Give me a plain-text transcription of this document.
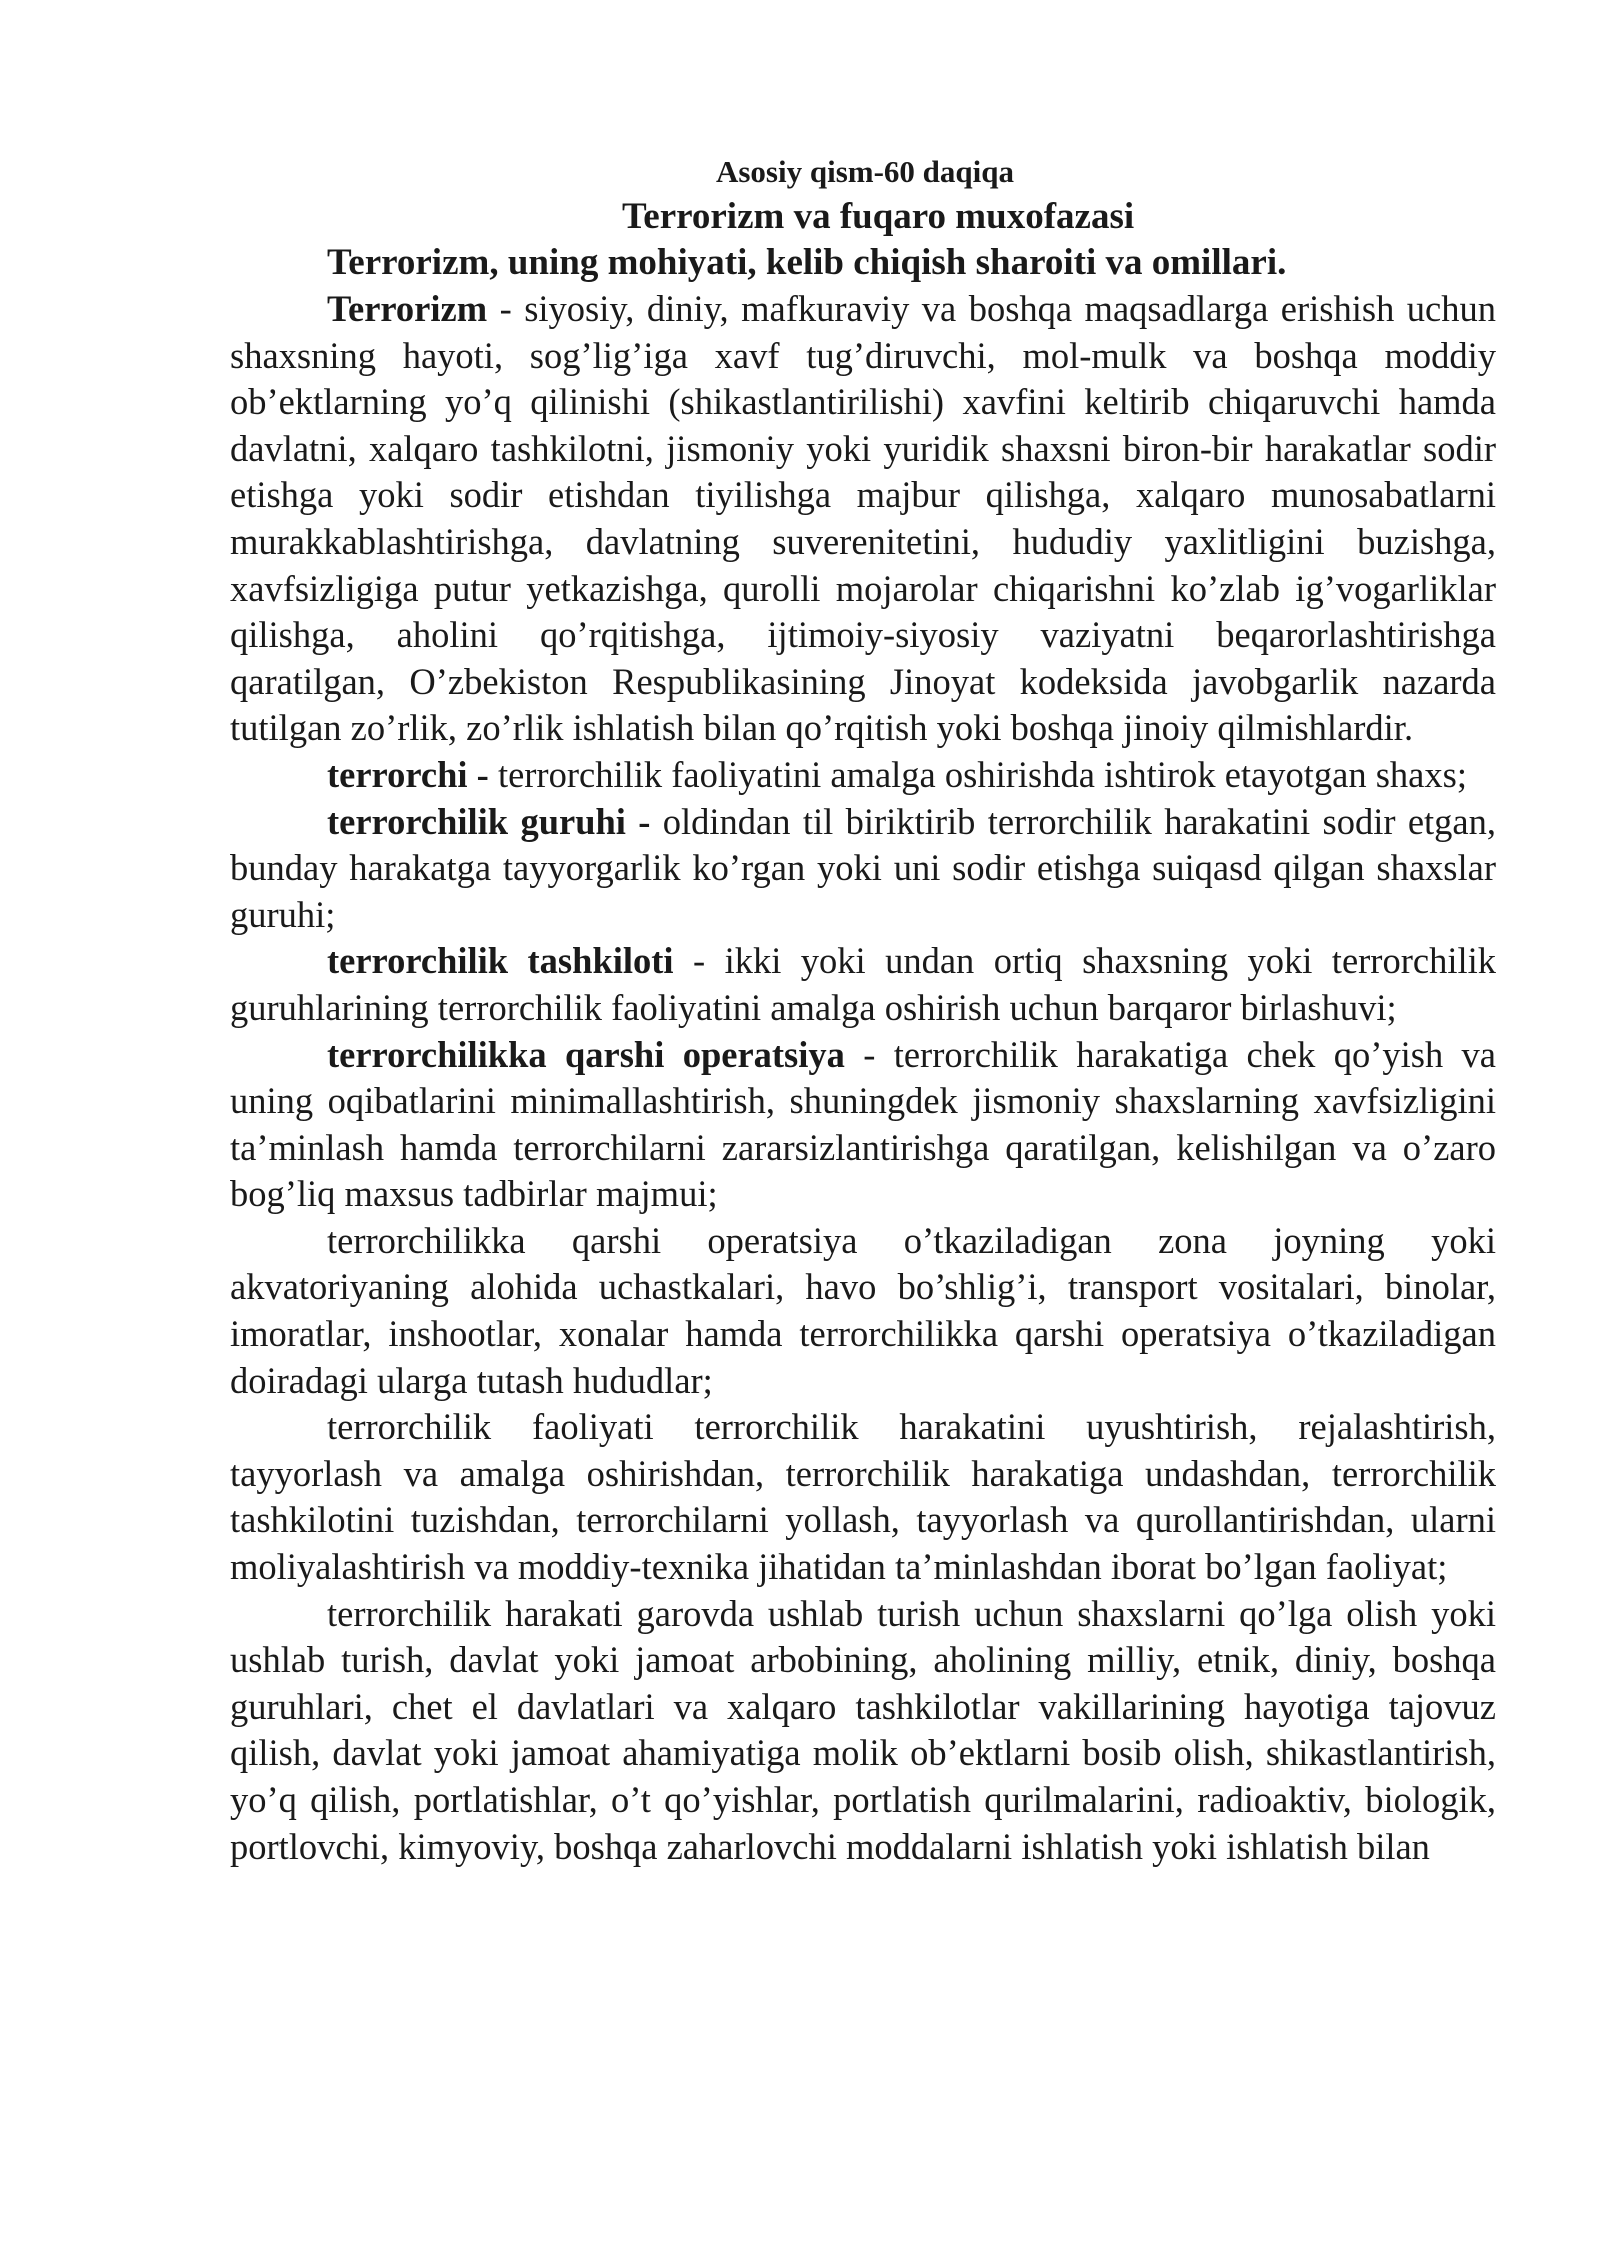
Asosiy qism-60 daqiqa

Terrorizm va fuqaro muxofazasi

Terrorizm, uning mohiyati, kelib chiqish sharoiti va omillari.

Terrorizm - siyosiy, diniy, mafkuraviy va boshqa maqsadlarga erishish uchun shaxsning hayoti, sog’lig’iga xavf tug’diruvchi, mol-mulk va boshqa moddiy ob’ektlarning yo’q qilinishi (shikastlantirilishi) xavfini keltirib chiqaruvchi hamda davlatni, xalqaro tashkilotni, jismoniy yoki yuridik shaxsni biron-bir harakatlar sodir etishga yoki sodir etishdan tiyilishga majbur qilishga, xalqaro munosabatlarni murakkablashtirishga, davlatning suverenitetini, hududiy yaxlitligini buzishga, xavfsizligiga putur yetkazishga, qurolli mojarolar chiqarishni ko’zlab ig’vogarliklar qilishga, aholini qo’rqitishga, ijtimoiy-siyosiy vaziyatni beqarorlashtirishga qaratilgan, O’zbekiston Respublikasining Jinoyat kodeksida javobgarlik nazarda tutilgan zo’rlik, zo’rlik ishlatish bilan qo’rqitish yoki boshqa jinoiy qilmishlardir.

terrorchi - terrorchilik faoliyatini amalga oshirishda ishtirok etayotgan shaxs;

terrorchilik guruhi - oldindan til biriktirib terrorchilik harakatini sodir etgan, bunday harakatga tayyorgarlik ko’rgan yoki uni sodir etishga suiqasd qilgan shaxslar guruhi;

terrorchilik tashkiloti - ikki yoki undan ortiq shaxsning yoki terrorchilik guruhlarining terrorchilik faoliyatini amalga oshirish uchun barqaror birlashuvi;

terrorchilikka qarshi operatsiya - terrorchilik harakatiga chek qo’yish va uning oqibatlarini minimallashtirish, shuningdek jismoniy shaxslarning xavfsizligini ta’minlash hamda terrorchilarni zararsizlantirishga qaratilgan, kelishilgan va o’zaro bog’liq maxsus tadbirlar majmui;

terrorchilikka qarshi operatsiya o’tkaziladigan zona joyning yoki akvatoriyaning alohida uchastkalari, havo bo’shlig’i, transport vositalari, binolar, imoratlar, inshootlar, xonalar hamda terrorchilikka qarshi operatsiya o’tkaziladigan doiradagi ularga tutash hududlar;

terrorchilik faoliyati terrorchilik harakatini uyushtirish, rejalashtirish, tayyorlash va amalga oshirishdan, terrorchilik harakatiga undashdan, terrorchilik tashkilotini tuzishdan, terrorchilarni yollash, tayyorlash va qurollantirishdan, ularni moliyalashtirish va moddiy-texnika jihatidan ta’minlashdan iborat bo’lgan faoliyat;

terrorchilik harakati garovda ushlab turish uchun shaxslarni qo’lga olish yoki ushlab turish, davlat yoki jamoat arbobining, aholining milliy, etnik, diniy, boshqa guruhlari, chet el davlatlari va xalqaro tashkilotlar vakillarining hayotiga tajovuz qilish, davlat yoki jamoat ahamiyatiga molik ob’ektlarni bosib olish, shikastlantirish, yo’q qilish, portlatishlar, o’t qo’yishlar, portlatish qurilmalarini, radioaktiv, biologik, portlovchi, kimyoviy, boshqa zaharlovchi moddalarni ishlatish yoki ishlatish bilan
